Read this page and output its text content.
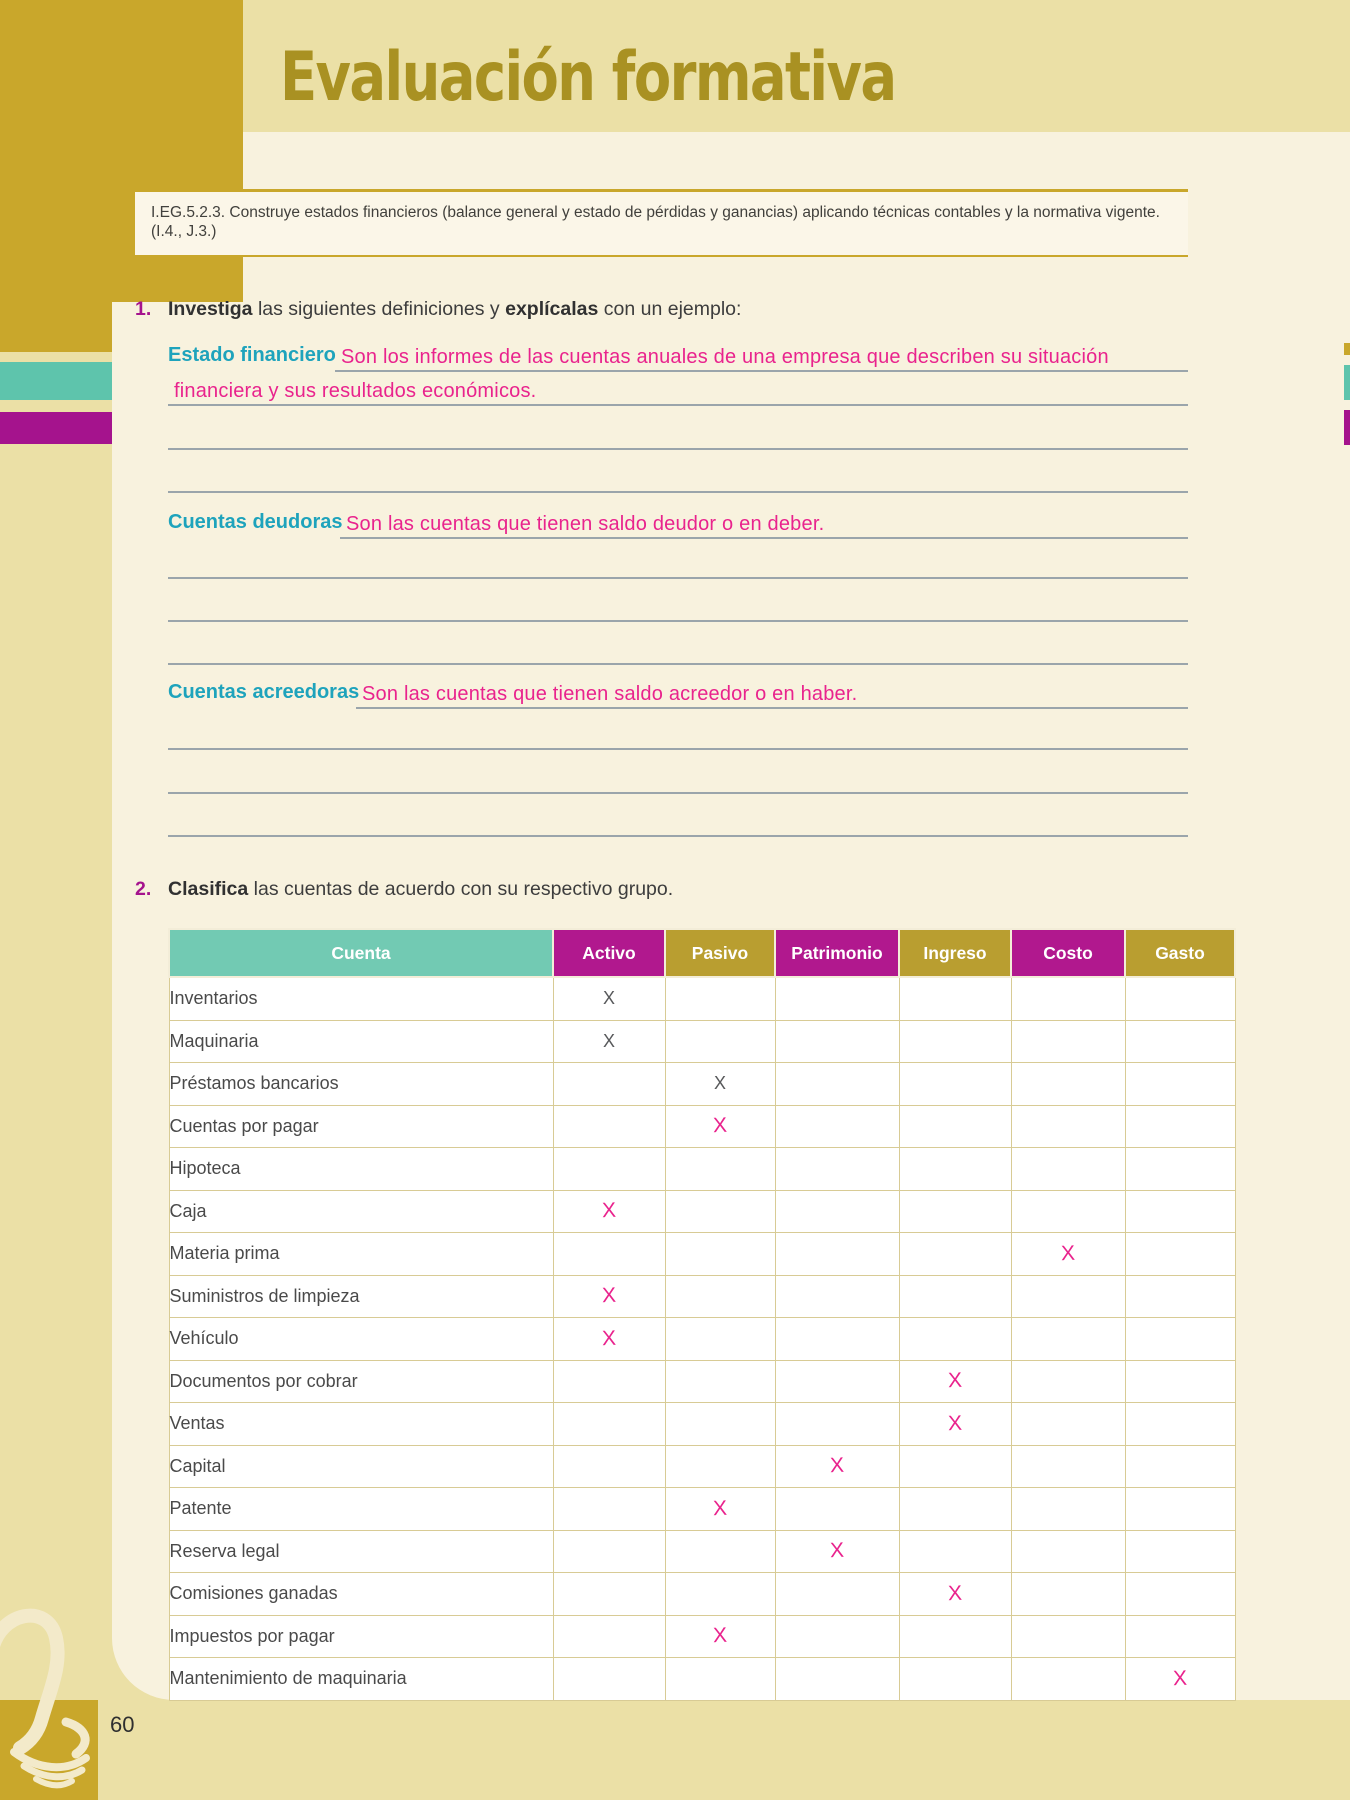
Evaluación formativa

I.EG.5.2.3. Construye estados financieros (balance general y estado de pérdidas y ganancias) aplicando técnicas contables y la normativa vigente. (I.4., J.3.)

1. Investiga las siguientes definiciones y explícalas con un ejemplo:
Estado financiero
Cuentas deudoras
Cuentas acreedoras
Son los informes de las cuentas anuales de una empresa que describen su situación
financiera y sus resultados económicos.
Son las cuentas que tienen saldo deudor o en deber.
Son las cuentas que tienen saldo acreedor o en haber.
2. Clasifica las cuentas de acuerdo con su respectivo grupo.
Cuenta	Activo	Pasivo	Patrimonio	Ingreso	Costo	Gasto
Inventarios	X					
Maquinaria	X					
Préstamos bancarios		X				
Cuentas por pagar		X				
Hipoteca						
Caja	X					
Materia prima					X	
Suministros de limpieza	X					
Vehículo	X					
Documentos por cobrar				X		
Ventas				X		
Capital			X			
Patente		X				
Reserva legal			X			
Comisiones ganadas				X		
Impuestos por pagar		X				
Mantenimiento de maquinaria						X
60
